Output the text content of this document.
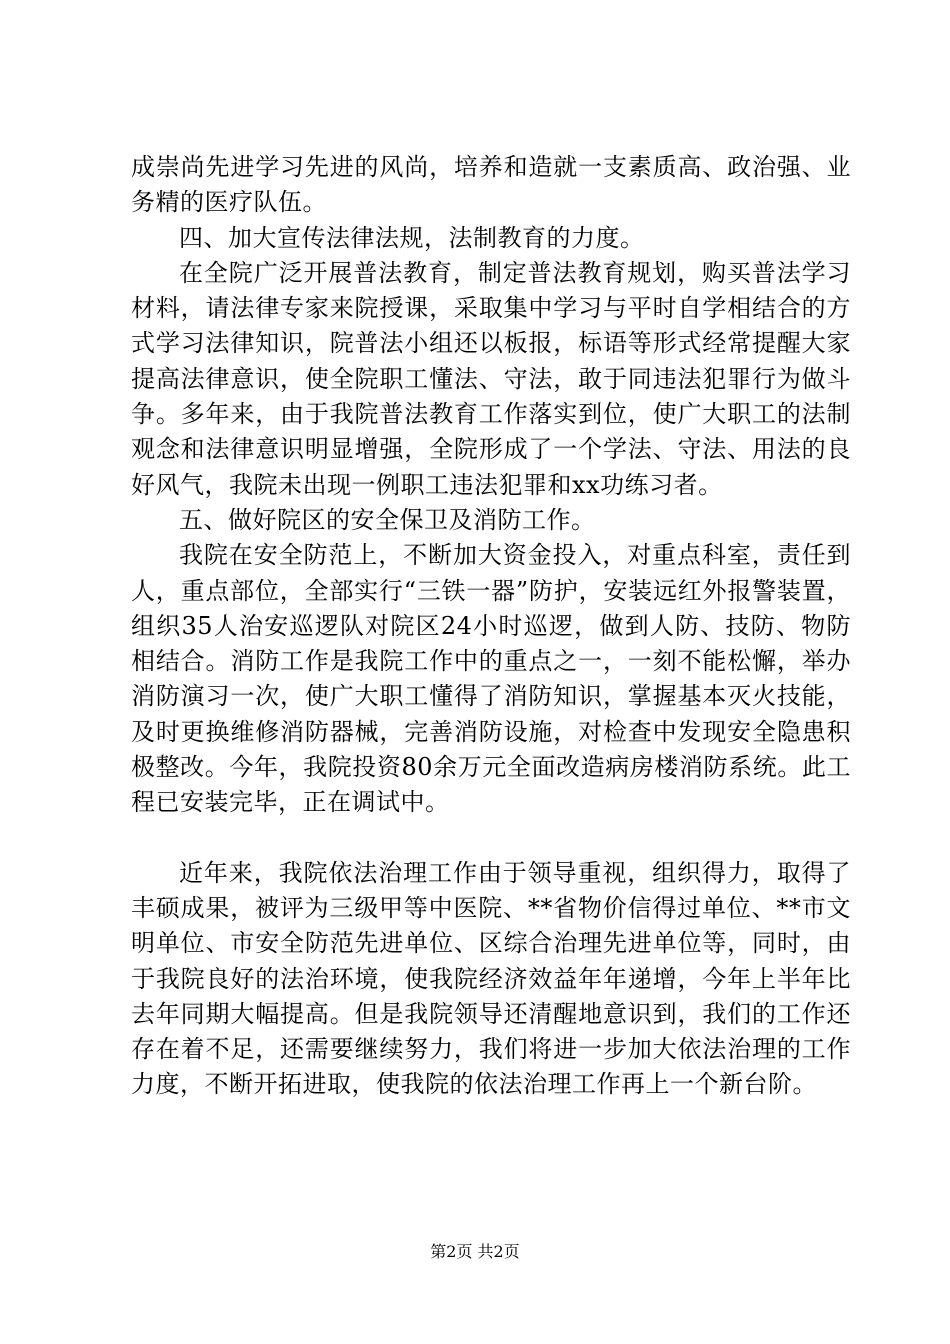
成崇尚先进学习先进的风尚，培养和造就一支素质高、政治强、业务精的医疗队伍。

四、加大宣传法律法规，法制教育的力度。

在全院广泛开展普法教育，制定普法教育规划，购买普法学习材料，请法律专家来院授课，采取集中学习与平时自学相结合的方式学习法律知识，院普法小组还以板报，标语等形式经常提醒大家提高法律意识，使全院职工懂法、守法，敢于同违法犯罪行为做斗争。多年来，由于我院普法教育工作落实到位，使广大职工的法制观念和法律意识明显增强，全院形成了一个学法、守法、用法的良好风气，我院未出现一例职工违法犯罪和xx功练习者。

五、做好院区的安全保卫及消防工作。

我院在安全防范上，不断加大资金投入，对重点科室，责任到人，重点部位，全部实行“三铁一器”防护，安装远红外报警装置，组织35人治安巡逻队对院区24小时巡逻，做到人防、技防、物防相结合。消防工作是我院工作中的重点之一，一刻不能松懈，举办消防演习一次，使广大职工懂得了消防知识，掌握基本灭火技能，及时更换维修消防器械，完善消防设施，对检查中发现安全隐患积极整改。今年，我院投资80余万元全面改造病房楼消防系统。此工程已安装完毕，正在调试中。

近年来，我院依法治理工作由于领导重视，组织得力，取得了丰硕成果，被评为三级甲等中医院、**省物价信得过单位、**市文明单位、市安全防范先进单位、区综合治理先进单位等，同时，由于我院良好的法治环境，使我院经济效益年年递增，今年上半年比去年同期大幅提高。但是我院领导还清醒地意识到，我们的工作还存在着不足，还需要继续努力，我们将进一步加大依法治理的工作力度，不断开拓进取，使我院的依法治理工作再上一个新台阶。

第2页 共2页
